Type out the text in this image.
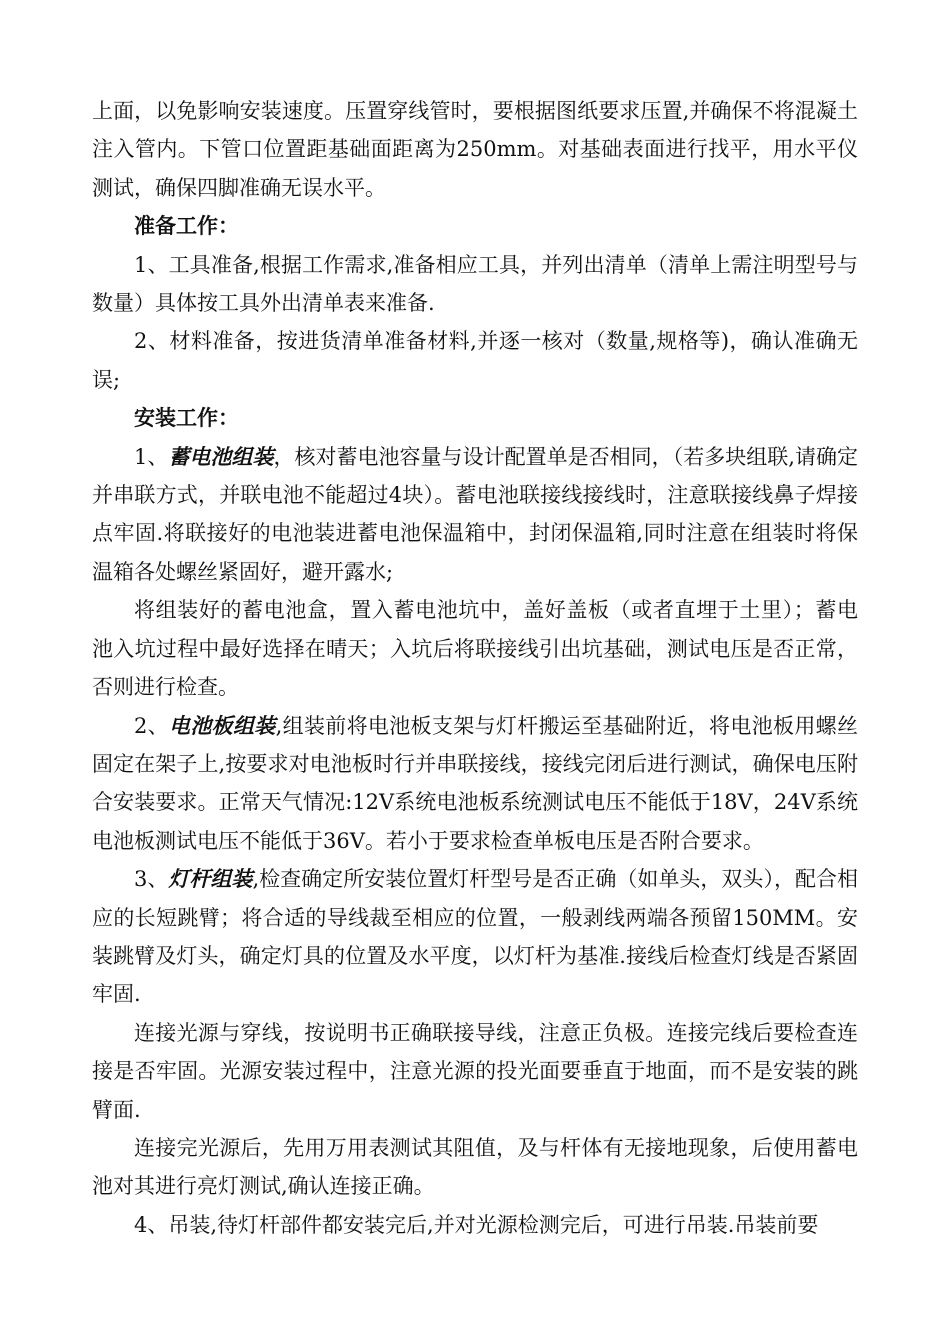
上面，以免影响安装速度。压置穿线管时，要根据图纸要求压置,并确保不将混凝土注入管内。下管口位置距基础面距离为250mm。对基础表面进行找平，用水平仪测试，确保四脚准确无误水平。

准备工作：

1、工具准备,根据工作需求,准备相应工具，并列出清单（清单上需注明型号与数量）具体按工具外出清单表来准备.

2、材料准备，按进货清单准备材料,并逐一核对（数量,规格等)，确认准确无误;

安装工作：

1、蓄电池组装，核对蓄电池容量与设计配置单是否相同，（若多块组联,请确定并串联方式，并联电池不能超过4块）。蓄电池联接线接线时，注意联接线鼻子焊接点牢固.将联接好的电池装进蓄电池保温箱中，封闭保温箱,同时注意在组装时将保温箱各处螺丝紧固好，避开露水;

将组装好的蓄电池盒，置入蓄电池坑中，盖好盖板（或者直埋于土里）；蓄电池入坑过程中最好选择在晴天；入坑后将联接线引出坑基础，测试电压是否正常，否则进行检查。

2、电池板组装,组装前将电池板支架与灯杆搬运至基础附近，将电池板用螺丝固定在架子上,按要求对电池板时行并串联接线，接线完闭后进行测试，确保电压附合安装要求。正常天气情况:12V系统电池板系统测试电压不能低于18V，24V系统电池板测试电压不能低于36V。若小于要求检查单板电压是否附合要求。

3、灯杆组装,检查确定所安装位置灯杆型号是否正确（如单头，双头），配合相应的长短跳臂；将合适的导线裁至相应的位置，一般剥线两端各预留150MM。安装跳臂及灯头，确定灯具的位置及水平度，以灯杆为基准.接线后检查灯线是否紧固牢固.

连接光源与穿线，按说明书正确联接导线，注意正负极。连接完线后要检查连接是否牢固。光源安装过程中，注意光源的投光面要垂直于地面，而不是安装的跳臂面.

连接完光源后，先用万用表测试其阻值，及与杆体有无接地现象，后使用蓄电池对其进行亮灯测试,确认连接正确。

4、吊装,待灯杆部件都安装完后,并对光源检测完后，可进行吊装.吊装前要
